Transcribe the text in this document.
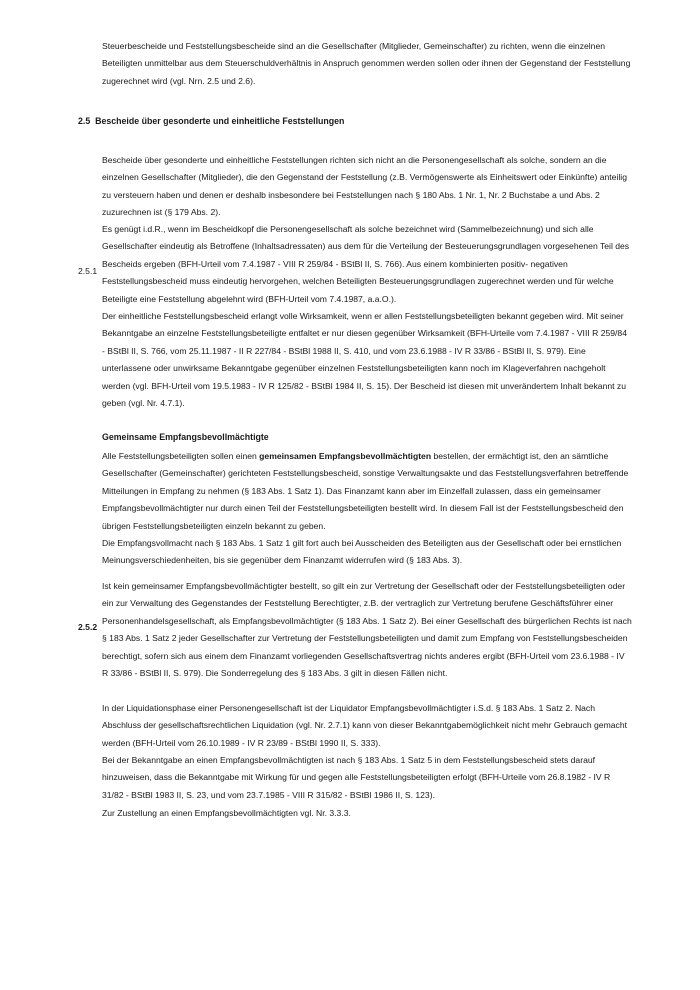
Steuerbescheide und Feststellungsbescheide sind an die Gesellschafter (Mitglieder, Gemeinschafter) zu richten, wenn die einzelnen Beteiligten unmittelbar aus dem Steuerschuldverhältnis in Anspruch genommen werden sollen oder ihnen der Gegenstand der Feststellung zugerechnet wird (vgl. Nrn. 2.5 und 2.6).

2.5 Bescheide über gesonderte und einheitliche Feststellungen

Bescheide über gesonderte und einheitliche Feststellungen richten sich nicht an die Personengesellschaft als solche, sondern an die einzelnen Gesellschafter (Mitglieder), die den Gegenstand der Feststellung (z.B. Vermögenswerte als Einheitswert oder Einkünfte) anteilig zu versteuern haben und denen er deshalb insbesondere bei Feststellungen nach § 180 Abs. 1 Nr. 1, Nr. 2 Buchstabe a und Abs. 2 zuzurechnen ist (§ 179 Abs. 2).

2.5.1

Es genügt i.d.R., wenn im Bescheidkopf die Personengesellschaft als solche bezeichnet wird (Sammelbezeichnung) und sich alle Gesellschafter eindeutig als Betroffene (Inhaltsadressaten) aus dem für die Verteilung der Besteuerungsgrundlagen vorgesehenen Teil des Bescheids ergeben (BFH-Urteil vom 7.4.1987 - VIII R 259/84 - BStBl II, S. 766). Aus einem kombinierten positiv- negativen Feststellungsbescheid muss eindeutig hervorgehen, welchen Beteiligten Besteuerungsgrundlagen zugerechnet werden und für welche Beteiligte eine Feststellung abgelehnt wird (BFH-Urteil vom 7.4.1987, a.a.O.).

Der einheitliche Feststellungsbescheid erlangt volle Wirksamkeit, wenn er allen Feststellungsbeteiligten bekannt gegeben wird. Mit seiner Bekanntgabe an einzelne Feststellungsbeteiligte entfaltet er nur diesen gegenüber Wirksamkeit (BFH-Urteile vom 7.4.1987 - VIII R 259/84 - BStBl II, S. 766, vom 25.11.1987 - II R 227/84 - BStBl 1988 II, S. 410, und vom 23.6.1988 - IV R 33/86 - BStBl II, S. 979). Eine unterlassene oder unwirksame Bekanntgabe gegenüber einzelnen Feststellungsbeteiligten kann noch im Klageverfahren nachgeholt werden (vgl. BFH-Urteil vom 19.5.1983 - IV R 125/82 - BStBl 1984 II, S. 15). Der Bescheid ist diesen mit unverändertem Inhalt bekannt zu geben (vgl. Nr. 4.7.1).

Gemeinsame Empfangsbevollmächtigte

2.5.2

Alle Feststellungsbeteiligten sollen einen gemeinsamen Empfangsbevollmächtigten bestellen, der ermächtigt ist, den an sämtliche Gesellschafter (Gemeinschafter) gerichteten Feststellungsbescheid, sonstige Verwaltungsakte und das Feststellungsverfahren betreffende Mitteilungen in Empfang zu nehmen (§ 183 Abs. 1 Satz 1). Das Finanzamt kann aber im Einzelfall zulassen, dass ein gemeinsamer Empfangsbevollmächtigter nur durch einen Teil der Feststellungsbeteiligten bestellt wird. In diesem Fall ist der Feststellungsbescheid den übrigen Feststellungsbeteiligten einzeln bekannt zu geben.

Die Empfangsvollmacht nach § 183 Abs. 1 Satz 1 gilt fort auch bei Ausscheiden des Beteiligten aus der Gesellschaft oder bei ernstlichen Meinungsverschiedenheiten, bis sie gegenüber dem Finanzamt widerrufen wird (§ 183 Abs. 3).

Ist kein gemeinsamer Empfangsbevollmächtigter bestellt, so gilt ein zur Vertretung der Gesellschaft oder der Feststellungsbeteiligten oder ein zur Verwaltung des Gegenstandes der Feststellung Berechtigter, z.B. der vertraglich zur Vertretung berufene Geschäftsführer einer Personenhandelsgesellschaft, als Empfangsbevollmächtigter (§ 183 Abs. 1 Satz 2). Bei einer Gesellschaft des bürgerlichen Rechts ist nach § 183 Abs. 1 Satz 2 jeder Gesellschafter zur Vertretung der Feststellungsbeteiligten und damit zum Empfang von Feststellungsbescheiden berechtigt, sofern sich aus einem dem Finanzamt vorliegenden Gesellschaftsvertrag nichts anderes ergibt (BFH-Urteil vom 23.6.1988 - IV R 33/86 - BStBl II, S. 979). Die Sonderregelung des § 183 Abs. 3 gilt in diesen Fällen nicht.

In der Liquidationsphase einer Personengesellschaft ist der Liquidator Empfangsbevollmächtigter i.S.d. § 183 Abs. 1 Satz 2. Nach Abschluss der gesellschaftsrechtlichen Liquidation (vgl. Nr. 2.7.1) kann von dieser Bekanntgabemöglichkeit nicht mehr Gebrauch gemacht werden (BFH-Urteil vom 26.10.1989 - IV R 23/89 - BStBl 1990 II, S. 333).

Bei der Bekanntgabe an einen Empfangsbevollmächtigten ist nach § 183 Abs. 1 Satz 5 in dem Feststellungsbescheid stets darauf hinzuweisen, dass die Bekanntgabe mit Wirkung für und gegen alle Feststellungsbeteiligten erfolgt (BFH-Urteile vom 26.8.1982 - IV R 31/82 - BStBl 1983 II, S. 23, und vom 23.7.1985 - VIII R 315/82 - BStBl 1986 II, S. 123).

Zur Zustellung an einen Empfangsbevollmächtigten vgl. Nr. 3.3.3.
